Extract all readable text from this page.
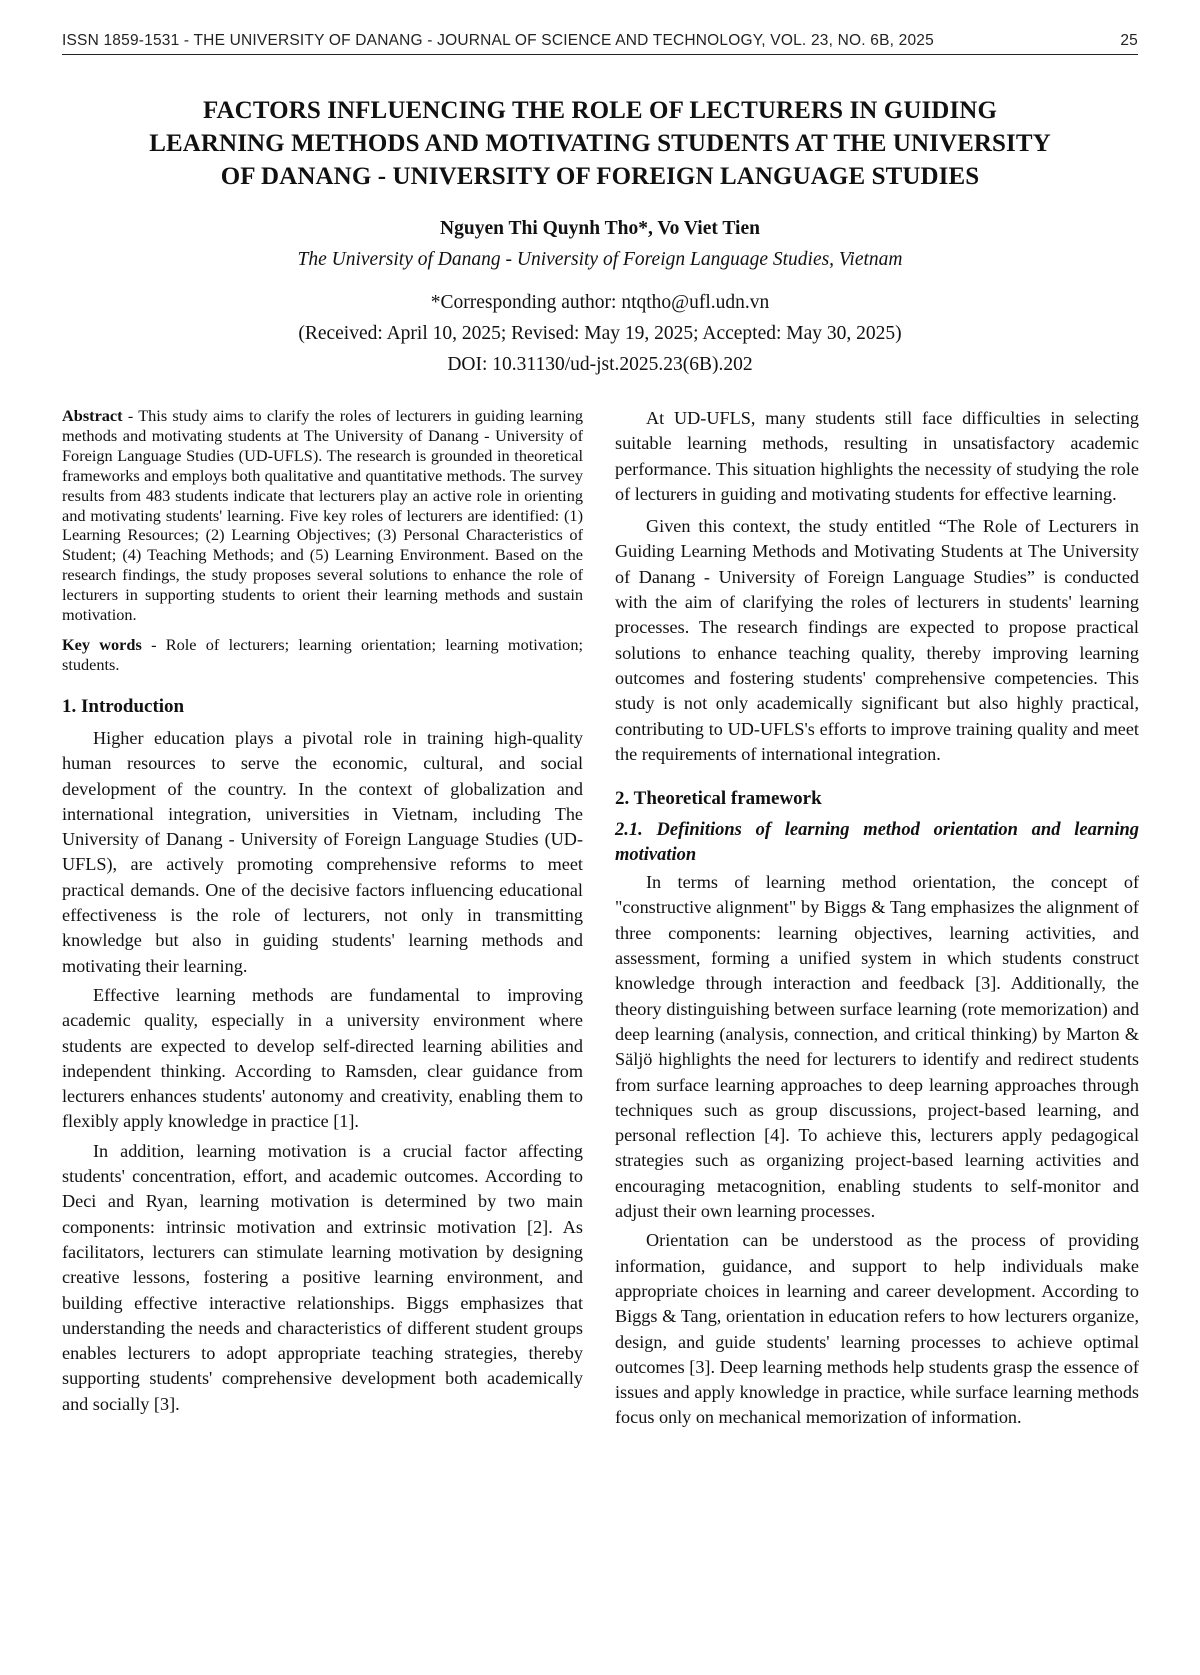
ISSN 1859-1531 - THE UNIVERSITY OF DANANG - JOURNAL OF SCIENCE AND TECHNOLOGY, VOL. 23, NO. 6B, 2025	25
FACTORS INFLUENCING THE ROLE OF LECTURERS IN GUIDING
LEARNING METHODS AND MOTIVATING STUDENTS AT THE UNIVERSITY
OF DANANG - UNIVERSITY OF FOREIGN LANGUAGE STUDIES
Nguyen Thi Quynh Tho*, Vo Viet Tien
The University of Danang - University of Foreign Language Studies, Vietnam
*Corresponding author: ntqtho@ufl.udn.vn
(Received: April 10, 2025; Revised: May 19, 2025; Accepted: May 30, 2025)
DOI: 10.31130/ud-jst.2025.23(6B).202

Abstract - This study aims to clarify the roles of lecturers in guiding learning methods and motivating students at The University of Danang - University of Foreign Language Studies (UD-UFLS). The research is grounded in theoretical frameworks and employs both qualitative and quantitative methods. The survey results from 483 students indicate that lecturers play an active role in orienting and motivating students' learning. Five key roles of lecturers are identified: (1) Learning Resources; (2) Learning Objectives; (3) Personal Characteristics of Student; (4) Teaching Methods; and (5) Learning Environment. Based on the research findings, the study proposes several solutions to enhance the role of lecturers in supporting students to orient their learning methods and sustain motivation.

Key words - Role of lecturers; learning orientation; learning motivation; students.

1. Introduction

Higher education plays a pivotal role in training high-quality human resources to serve the economic, cultural, and social development of the country. In the context of globalization and international integration, universities in Vietnam, including The University of Danang - University of Foreign Language Studies (UD-UFLS), are actively promoting comprehensive reforms to meet practical demands. One of the decisive factors influencing educational effectiveness is the role of lecturers, not only in transmitting knowledge but also in guiding students' learning methods and motivating their learning.

Effective learning methods are fundamental to improving academic quality, especially in a university environment where students are expected to develop self-directed learning abilities and independent thinking. According to Ramsden, clear guidance from lecturers enhances students' autonomy and creativity, enabling them to flexibly apply knowledge in practice [1].

In addition, learning motivation is a crucial factor affecting students' concentration, effort, and academic outcomes. According to Deci and Ryan, learning motivation is determined by two main components: intrinsic motivation and extrinsic motivation [2]. As facilitators, lecturers can stimulate learning motivation by designing creative lessons, fostering a positive learning environment, and building effective interactive relationships. Biggs emphasizes that understanding the needs and characteristics of different student groups enables lecturers to adopt appropriate teaching strategies, thereby supporting students' comprehensive development both academically and socially [3].

At UD-UFLS, many students still face difficulties in selecting suitable learning methods, resulting in unsatisfactory academic performance. This situation highlights the necessity of studying the role of lecturers in guiding and motivating students for effective learning.

Given this context, the study entitled “The Role of Lecturers in Guiding Learning Methods and Motivating Students at The University of Danang - University of Foreign Language Studies” is conducted with the aim of clarifying the roles of lecturers in students' learning processes. The research findings are expected to propose practical solutions to enhance teaching quality, thereby improving learning outcomes and fostering students' comprehensive competencies. This study is not only academically significant but also highly practical, contributing to UD-UFLS's efforts to improve training quality and meet the requirements of international integration.

2. Theoretical framework
2.1. Definitions of learning method orientation and learning motivation

In terms of learning method orientation, the concept of "constructive alignment" by Biggs & Tang emphasizes the alignment of three components: learning objectives, learning activities, and assessment, forming a unified system in which students construct knowledge through interaction and feedback [3]. Additionally, the theory distinguishing between surface learning (rote memorization) and deep learning (analysis, connection, and critical thinking) by Marton & Säljö highlights the need for lecturers to identify and redirect students from surface learning approaches to deep learning approaches through techniques such as group discussions, project-based learning, and personal reflection [4]. To achieve this, lecturers apply pedagogical strategies such as organizing project-based learning activities and encouraging metacognition, enabling students to self-monitor and adjust their own learning processes.

Orientation can be understood as the process of providing information, guidance, and support to help individuals make appropriate choices in learning and career development. According to Biggs & Tang, orientation in education refers to how lecturers organize, design, and guide students' learning processes to achieve optimal outcomes [3]. Deep learning methods help students grasp the essence of issues and apply knowledge in practice, while surface learning methods focus only on mechanical memorization of information.
